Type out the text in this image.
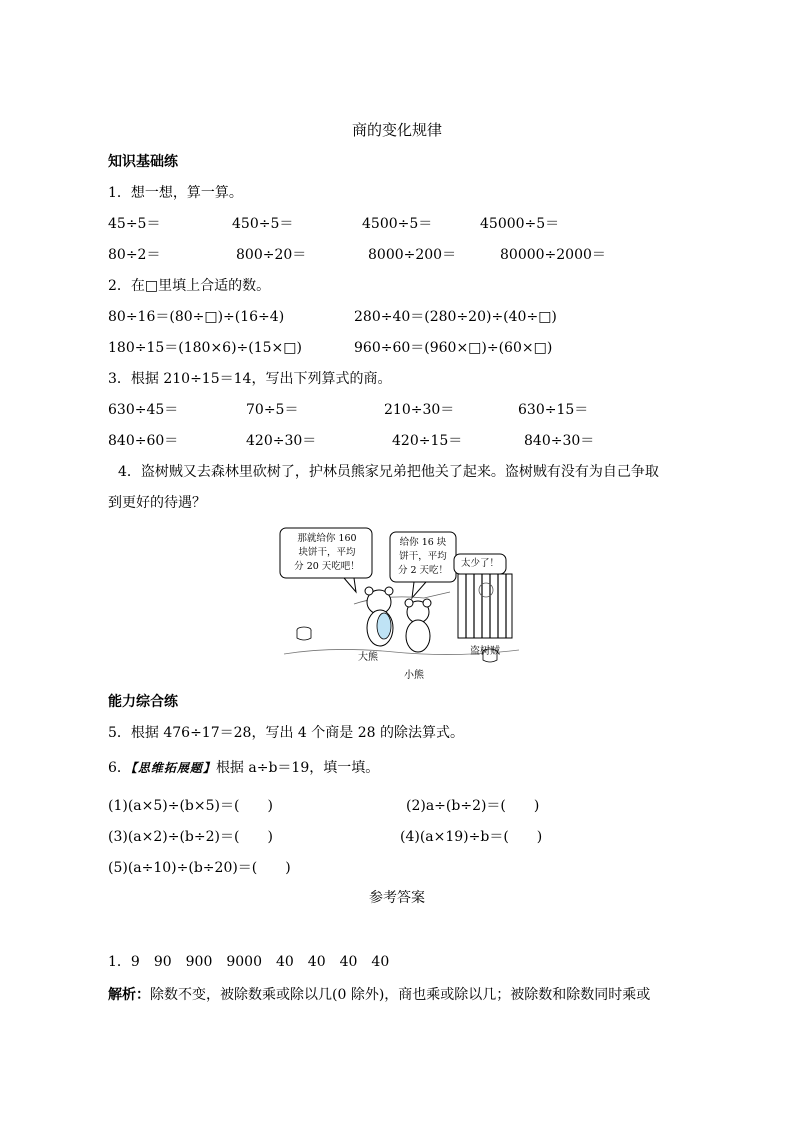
商的变化规律
知识基础练
1．想一想，算一算。
45÷5＝	450÷5＝	4500÷5＝	45000÷5＝
80÷2＝	800÷20＝	8000÷200＝	80000÷2000＝
2．在□里填上合适的数。
80÷16＝(80÷□)÷(16÷4)	280÷40＝(280÷20)÷(40÷□)
180÷15＝(180×6)÷(15×□)	960÷60＝(960×□)÷(60×□)
3．根据 210÷15＝14，写出下列算式的商。
630÷45＝	70÷5＝	210÷30＝	630÷15＝
840÷60＝	420÷30＝	420÷15＝	840÷30＝
4．盗树贼又去森林里砍树了，护林员熊家兄弟把他关了起来。盗树贼有没有为自己争取
到更好的待遇？
那就给你 160
块饼干，平均
分 20 天吃吧！
给你 16 块
饼干，平均
分 2 天吃！
太少了！
大熊
小熊
盗树贼
能力综合练
5．根据 476÷17＝28，写出 4 个商是 28 的除法算式。
6．【思维拓展题】根据 a÷b＝19，填一填。
(1)(a×5)÷(b×5)＝(　　)	(2)a÷(b÷2)＝(　　)
(3)(a×2)÷(b÷2)＝(　　)	(4)(a×19)÷b＝(　　)
(5)(a÷10)÷(b÷20)＝(　　)
参考答案
1．9　90　900　9000　40　40　40　40
解析：除数不变，被除数乘或除以几(0 除外)，商也乘或除以几；被除数和除数同时乘或
